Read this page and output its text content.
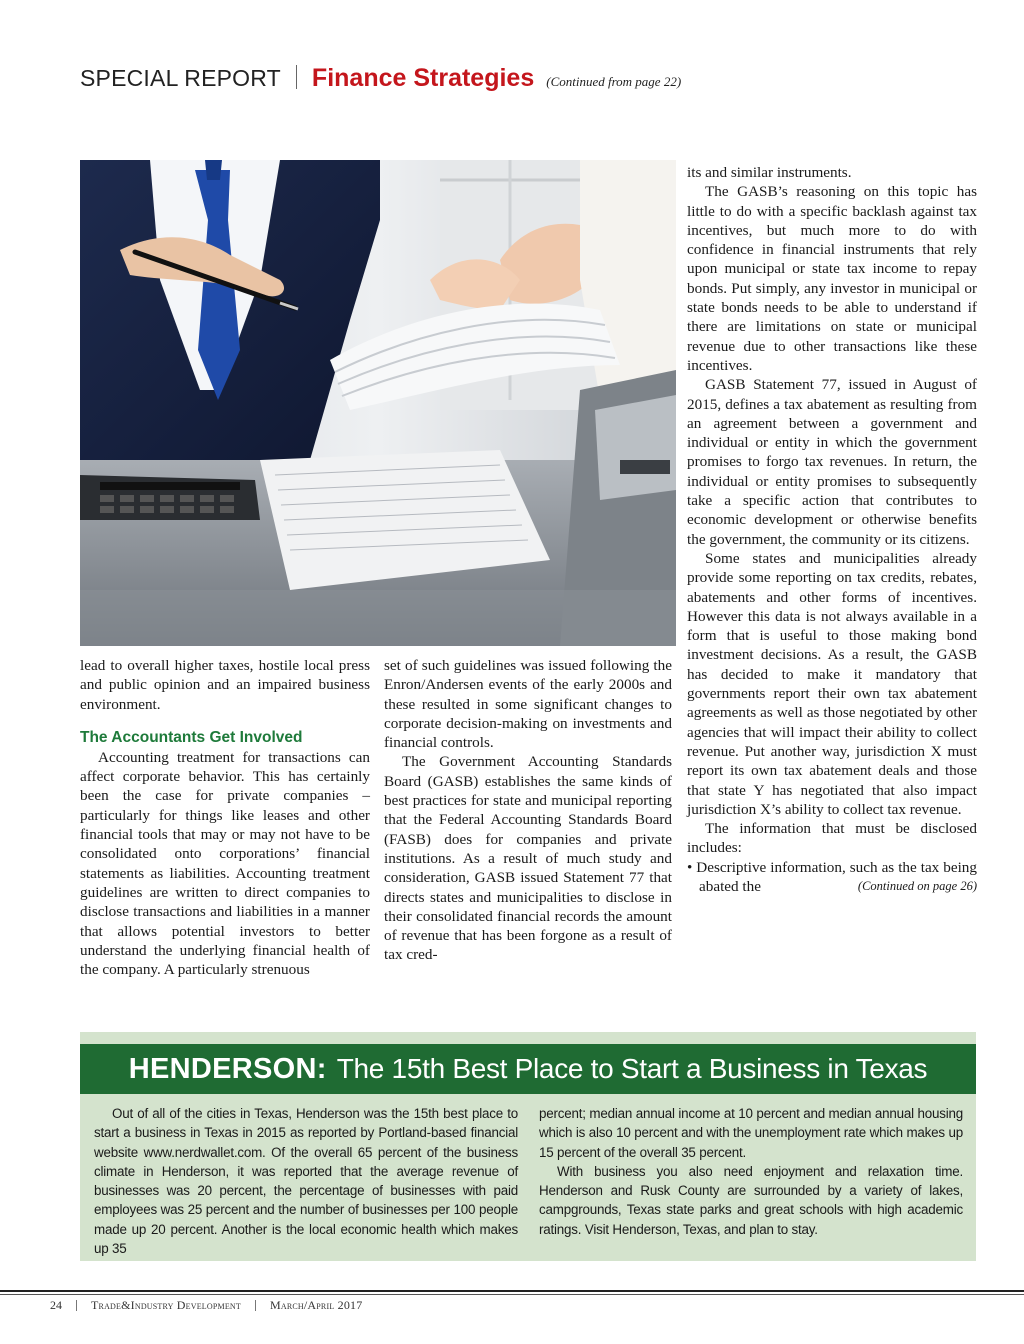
SPECIAL REPORT Finance Strategies (Continued from page 22)

lead to overall higher taxes, hostile local press and public opinion and an impaired business environment.

The Accountants Get Involved

Accounting treatment for transactions can affect corporate behavior. This has certainly been the case for private companies – particularly for things like leases and other financial tools that may or may not have to be consolidated onto corporations’ financial statements as liabilities. Accounting treatment guidelines are written to direct companies to disclose transactions and liabilities in a manner that allows potential investors to better understand the underlying financial health of the company. A particularly strenuous

set of such guidelines was issued following the Enron/Andersen events of the early 2000s and these resulted in some significant changes to corporate decision-making on investments and financial controls.

The Government Accounting Standards Board (GASB) establishes the same kinds of best practices for state and municipal reporting that the Federal Accounting Standards Board (FASB) does for companies and private institutions. As a result of much study and consideration, GASB issued Statement 77 that directs states and municipalities to disclose in their consolidated financial records the amount of revenue that has been forgone as a result of tax cred-

its and similar instruments.

The GASB’s reasoning on this topic has little to do with a specific backlash against tax incentives, but much more to do with confidence in financial instruments that rely upon municipal or state tax income to repay bonds. Put simply, any investor in municipal or state bonds needs to be able to understand if there are limitations on state or municipal revenue due to other transactions like these incentives.

GASB Statement 77, issued in August of 2015, defines a tax abatement as resulting from an agreement between a government and individual or entity in which the government promises to forgo tax revenues. In return, the individual or entity promises to subsequently take a specific action that contributes to economic development or otherwise benefits the government, the community or its citizens.

Some states and municipalities already provide some reporting on tax credits, rebates, abatements and other forms of incentives. However this data is not always available in a form that is useful to those making bond investment decisions. As a result, the GASB has decided to make it mandatory that governments report their own tax abatement agreements as well as those negotiated by other agencies that will impact their ability to collect revenue. Put another way, jurisdiction X must report its own tax abatement deals and those that state Y has negotiated that also impact jurisdiction X’s ability to collect tax revenue.

The information that must be disclosed includes:

• Descriptive information, such as the tax being abated the	(Continued on page 26)

HENDERSON: The 15th Best Place to Start a Business in Texas

Out of all of the cities in Texas, Henderson was the 15th best place to start a business in Texas in 2015 as reported by Portland-based financial website www.nerdwallet.com. Of the overall 65 percent of the business climate in Henderson, it was reported that the average revenue of businesses was 20 percent, the percentage of businesses with paid employees was 25 percent and the number of businesses per 100 people made up 20 percent. Another is the local economic health which makes up 35

percent; median annual income at 10 percent and median annual housing which is also 10 percent and with the unemployment rate which makes up 15 percent of the overall 35 percent.

With business you also need enjoyment and relaxation time. Henderson and Rusk County are surrounded by a variety of lakes, campgrounds, Texas state parks and great schools with high academic ratings. Visit Henderson, Texas, and plan to stay.

24 Trade&Industry Development March/April 2017
